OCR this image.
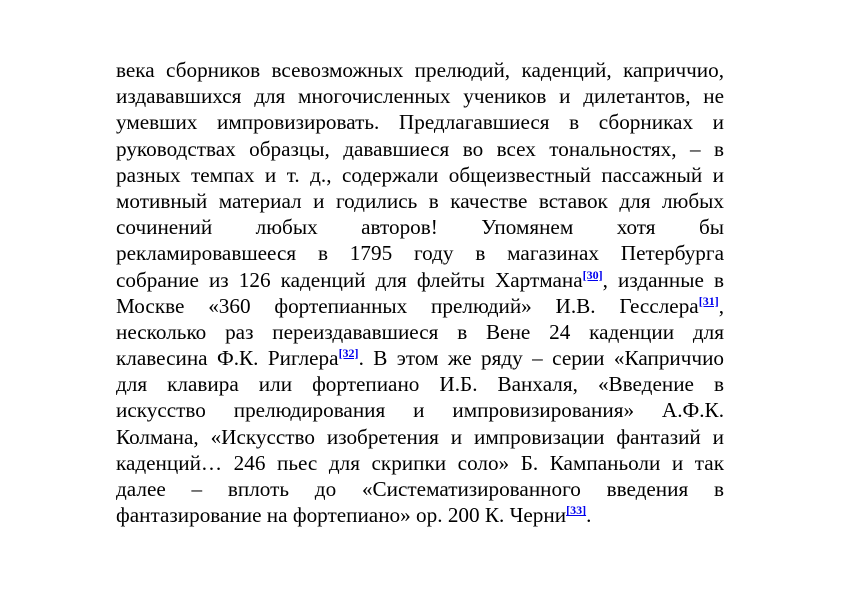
века сборников всевозможных прелюдий, каденций, каприччио,
издававшихся для многочисленных учеников и дилетантов, не
умевших импровизировать. Предлагавшиеся в сборниках и
руководствах образцы, дававшиеся во всех тональностях, – в
разных темпах и т. д., содержали общеизвестный пассажный и
мотивный материал и годились в качестве вставок для любых
сочинений любых авторов! Упомянем хотя бы
рекламировавшееся в 1795 году в магазинах Петербурга
собрание из 126 каденций для флейты Хартмана[30], изданные в
Москве «360 фортепианных прелюдий» И.В. Гесслера[31],
несколько раз переиздававшиеся в Вене 24 каденции для
клавесина Ф.К. Риглера[32]. В этом же ряду – серии «Каприччио
для клавира или фортепиано И.Б. Ванхаля, «Введение в
искусство прелюдирования и импровизирования» А.Ф.К.
Колмана, «Искусство изобретения и импровизации фантазий и
каденций… 246 пьес для скрипки соло» Б. Кампаньоли и так
далее – вплоть до «Систематизированного введения в
фантазирование на фортепиано» ор. 200 К. Черни[33].
